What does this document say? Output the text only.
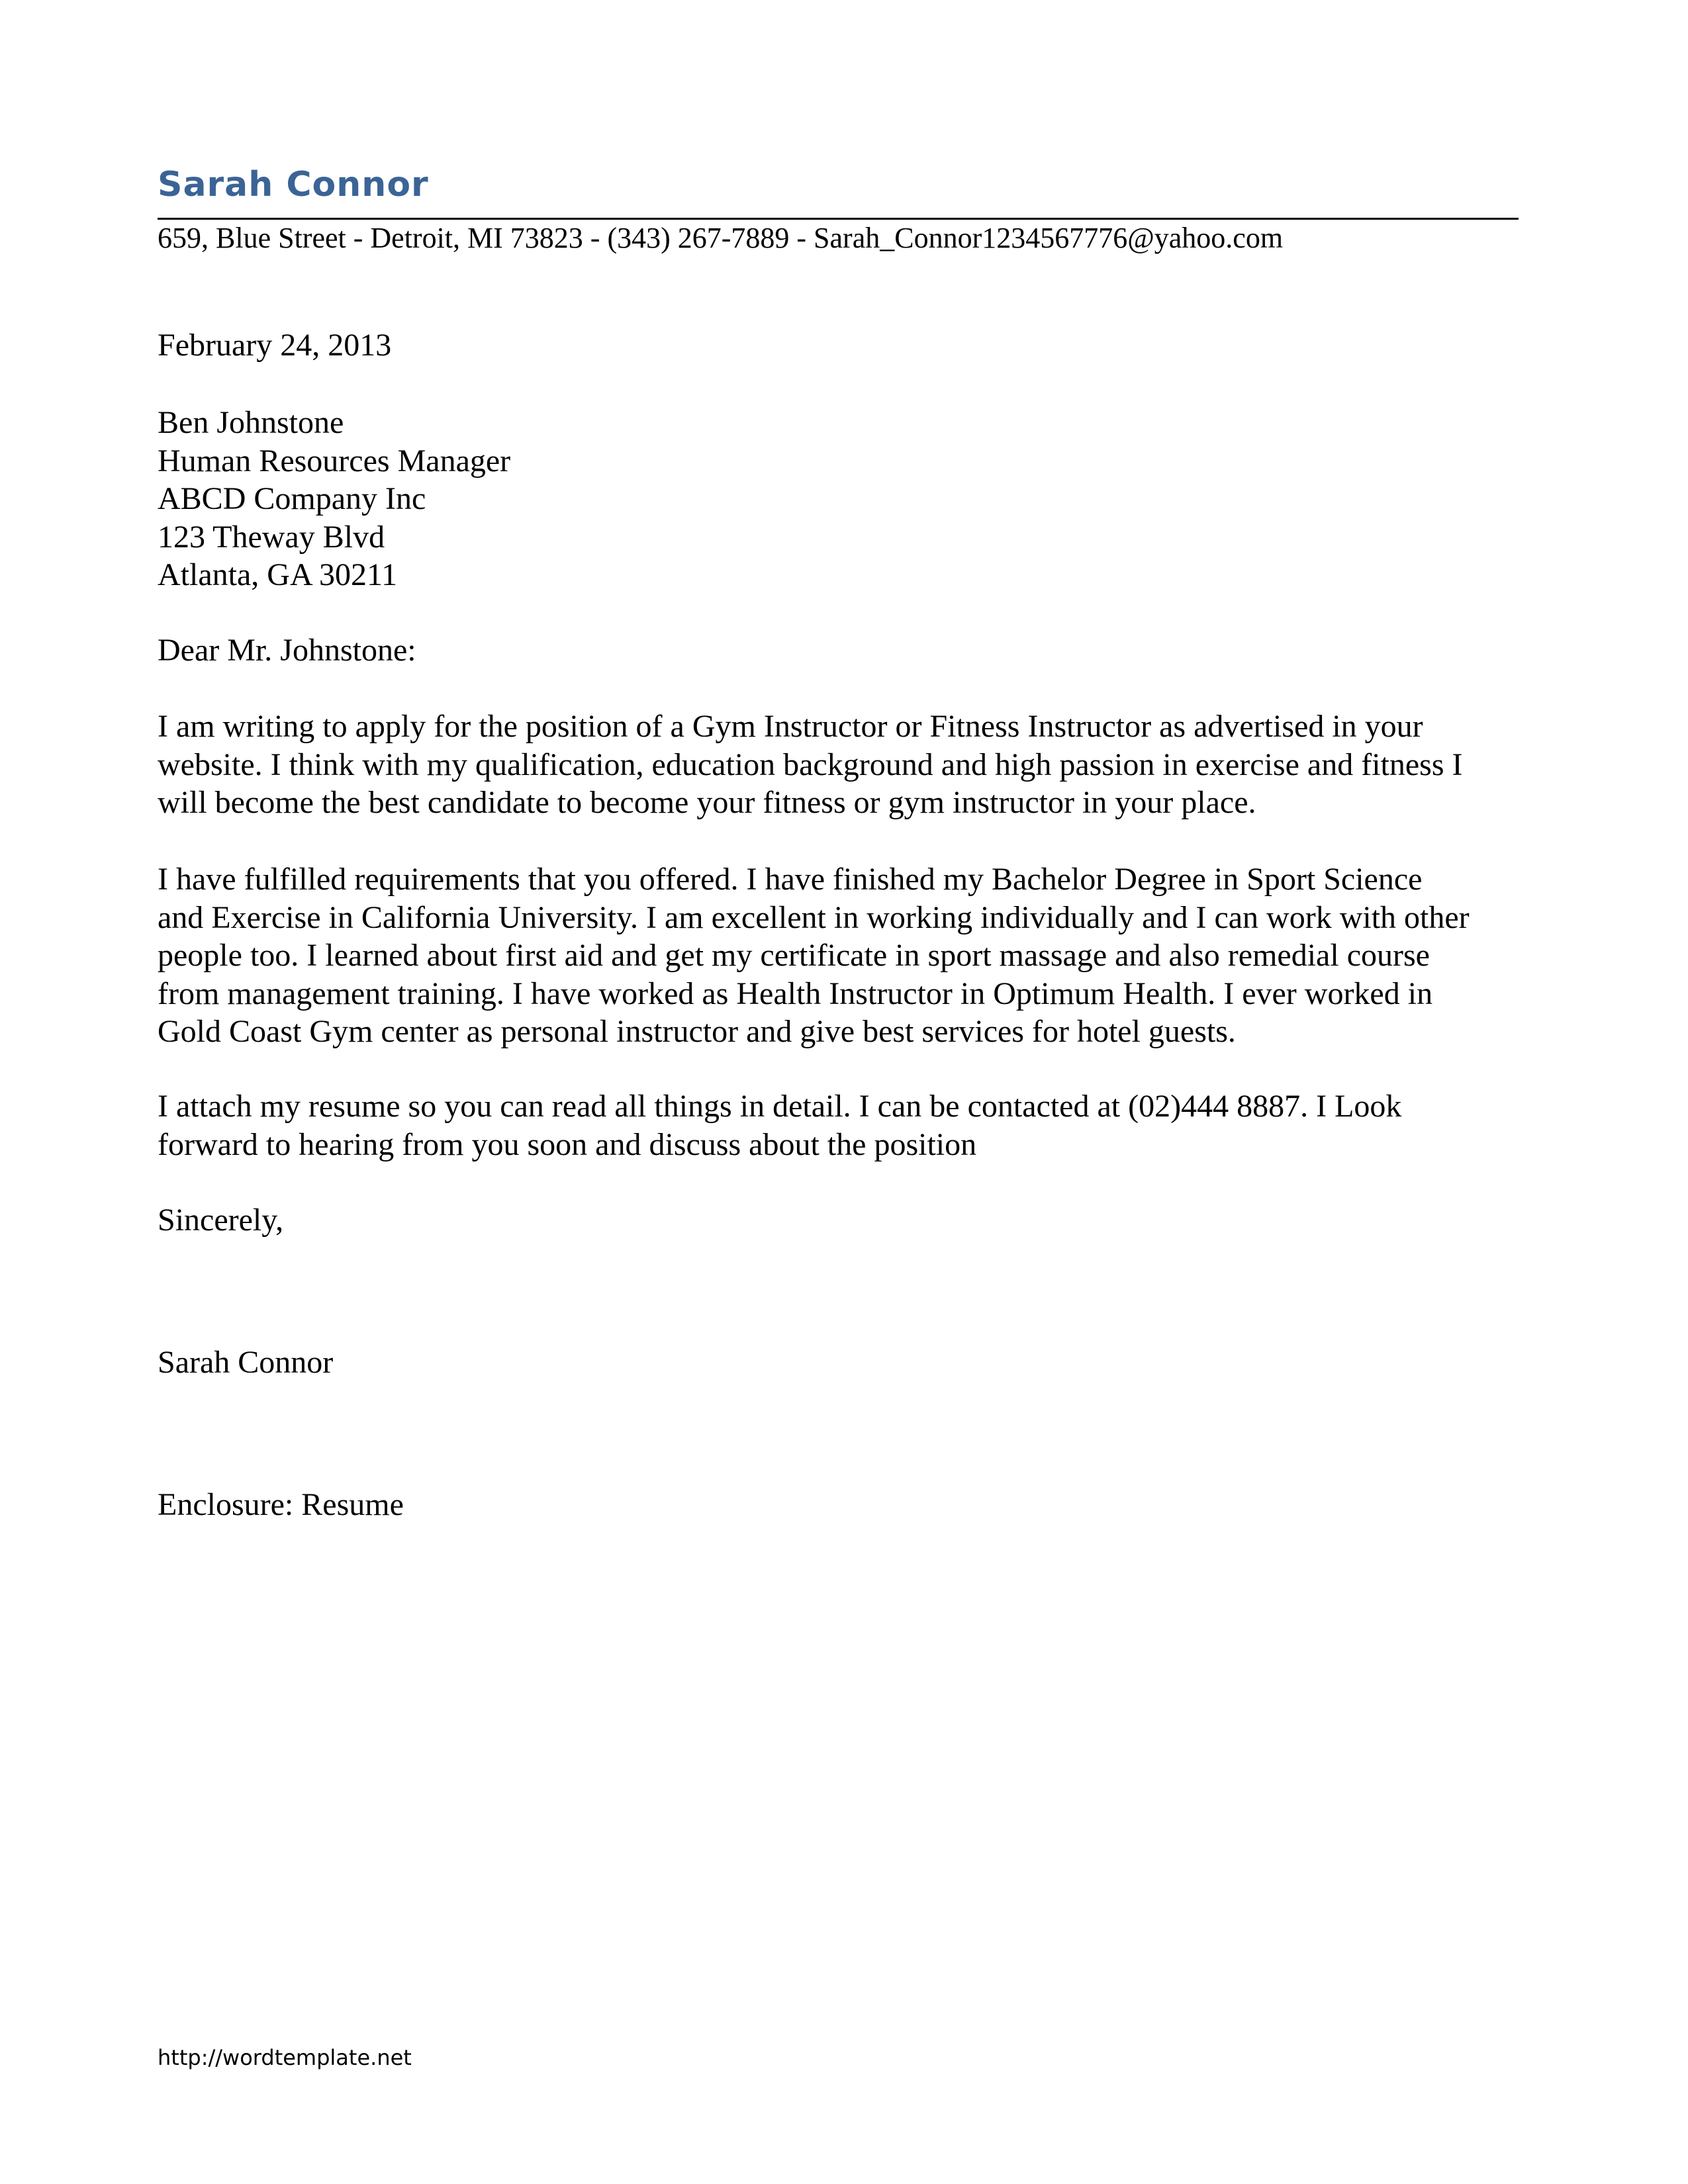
Sarah Connor
659, Blue Street - Detroit, MI 73823 - (343) 267-7889 - Sarah_Connor1234567776@yahoo.com
February 24, 2013
Ben Johnstone
Human Resources Manager
ABCD Company Inc
123 Theway Blvd
Atlanta, GA 30211
Dear Mr. Johnstone:
I am writing to apply for the position of a Gym Instructor or Fitness Instructor as advertised in your
website. I think with my qualification, education background and high passion in exercise and fitness I
will become the best candidate to become your fitness or gym instructor in your place.
I have fulfilled requirements that you offered. I have finished my Bachelor Degree in Sport Science
and Exercise in California University. I am excellent in working individually and I can work with other
people too. I learned about first aid and get my certificate in sport massage and also remedial course
from management training. I have worked as Health Instructor in Optimum Health. I ever worked in
Gold Coast Gym center as personal instructor and give best services for hotel guests.
I attach my resume so you can read all things in detail. I can be contacted at (02)444 8887. I Look
forward to hearing from you soon and discuss about the position
Sincerely,
Sarah Connor
Enclosure: Resume
http://wordtemplate.net
